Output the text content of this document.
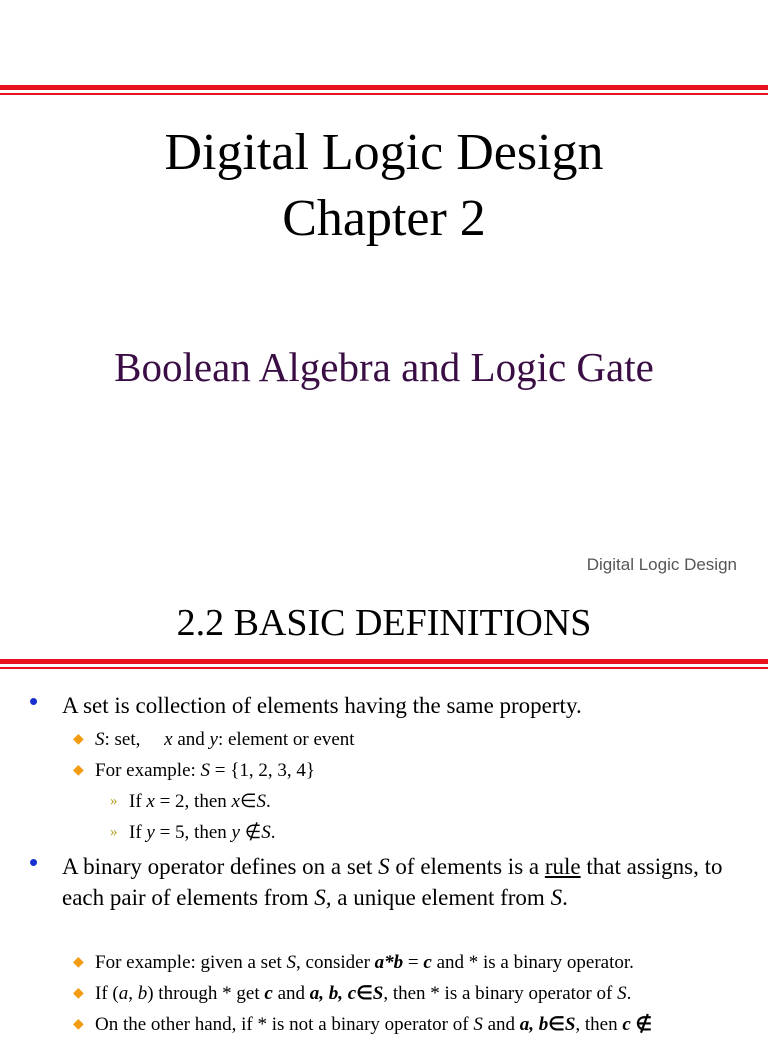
Digital Logic Design
Chapter 2
Boolean Algebra and Logic Gate
Digital Logic Design
2.2 BASIC DEFINITIONS
• A set is collection of elements having the same property.
◆ S: set,     x and y: element or event
◆ For example: S = {1, 2, 3, 4}
» If x = 2, then x∈S.
» If y = 5, then y ∉S.
• A binary operator defines on a set S of elements is a rule that assigns, to each pair of elements from S, a unique element from S.
◆ For example: given a set S, consider a*b = c and * is a binary operator.
◆ If (a, b) through * get c and a, b, c∈S, then * is a binary operator of S.
◆ On the other hand, if * is not a binary operator of S and a, b∈S, then c ∉
